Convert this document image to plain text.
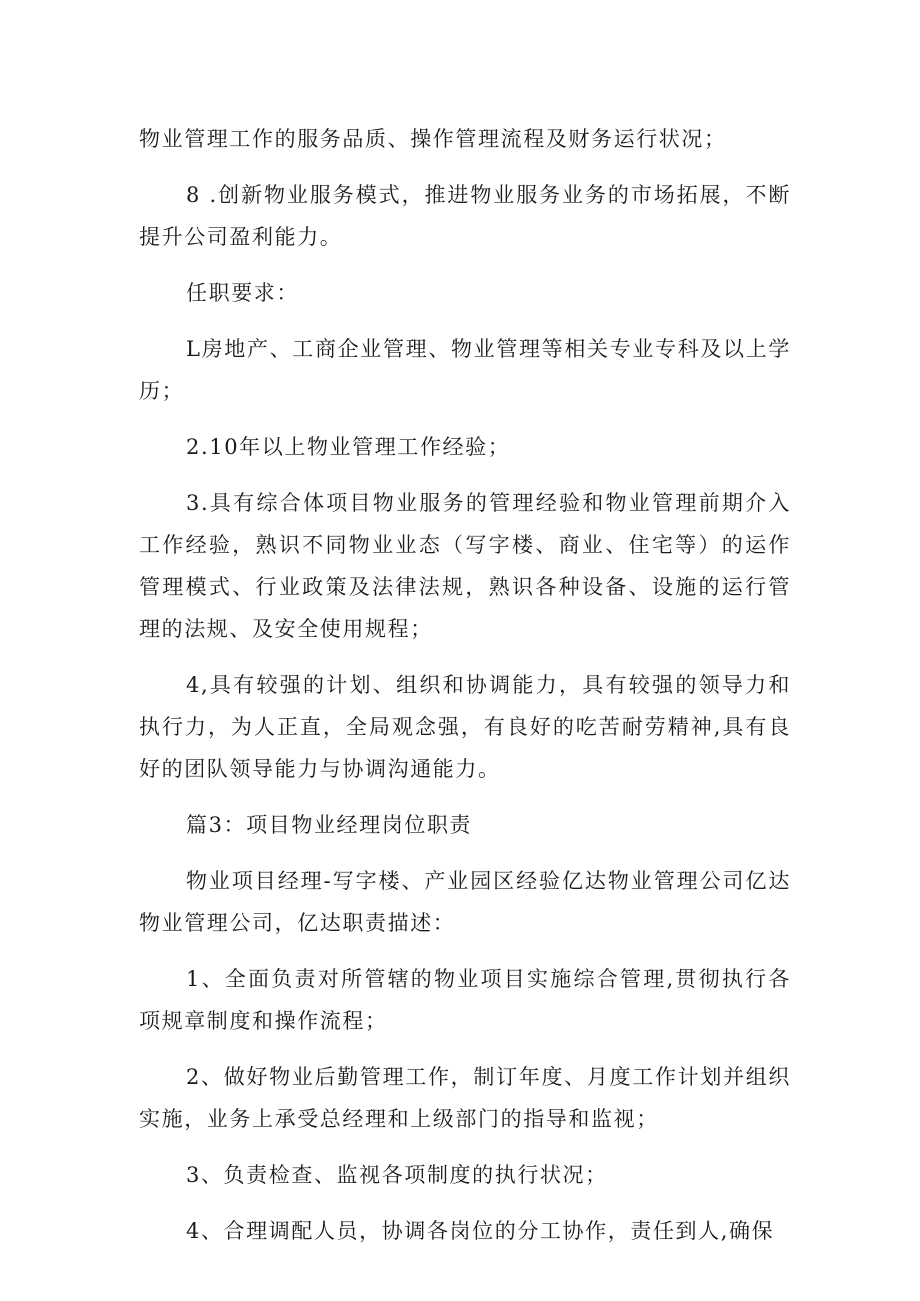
物业管理工作的服务品质、操作管理流程及财务运行状况；

8 .创新物业服务模式，推进物业服务业务的市场拓展，不断提升公司盈利能力。

任职要求：

L房地产、工商企业管理、物业管理等相关专业专科及以上学历；

2.10年以上物业管理工作经验；

3.具有综合体项目物业服务的管理经验和物业管理前期介入工作经验，熟识不同物业业态（写字楼、商业、住宅等）的运作管理模式、行业政策及法律法规，熟识各种设备、设施的运行管理的法规、及安全使用规程；

4,具有较强的计划、组织和协调能力，具有较强的领导力和执行力，为人正直，全局观念强，有良好的吃苦耐劳精神,具有良好的团队领导能力与协调沟通能力。

篇3：项目物业经理岗位职责

物业项目经理-写字楼、产业园区经验亿达物业管理公司亿达物业管理公司，亿达职责描述：

1、全面负责对所管辖的物业项目实施综合管理,贯彻执行各项规章制度和操作流程；

2、做好物业后勤管理工作，制订年度、月度工作计划并组织实施，业务上承受总经理和上级部门的指导和监视；

3、负责检查、监视各项制度的执行状况；

4、合理调配人员，协调各岗位的分工协作，责任到人,确保
